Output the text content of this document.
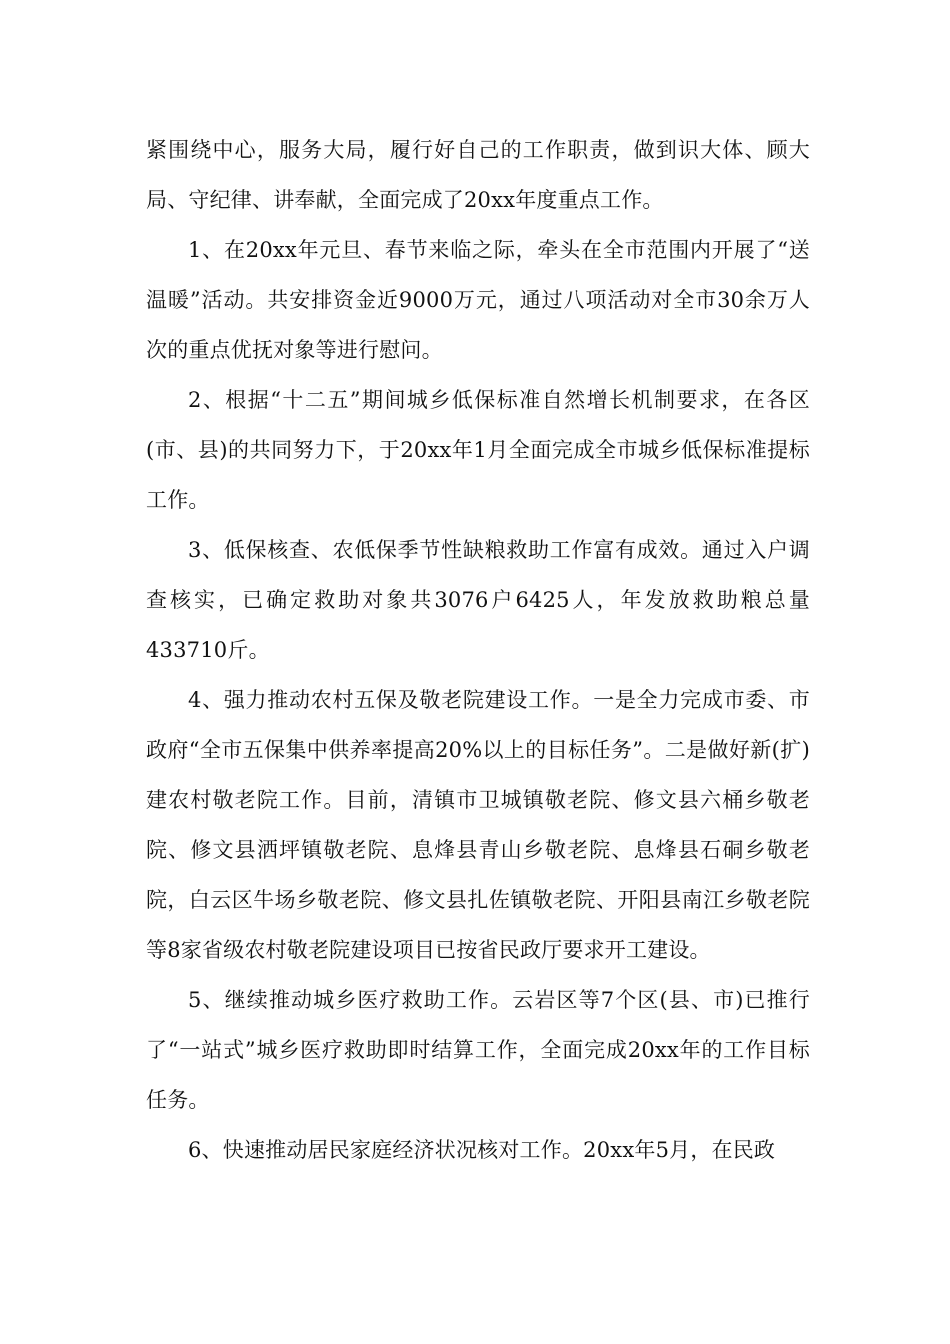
紧围绕中心，服务大局，履行好自己的工作职责，做到识大体、顾大局、守纪律、讲奉献，全面完成了20xx年度重点工作。

1、在20xx年元旦、春节来临之际，牵头在全市范围内开展了“送温暖”活动。共安排资金近9000万元，通过八项活动对全市30余万人次的重点优抚对象等进行慰问。

2、根据“十二五”期间城乡低保标准自然增长机制要求，在各区(市、县)的共同努力下，于20xx年1月全面完成全市城乡低保标准提标工作。

3、低保核查、农低保季节性缺粮救助工作富有成效。通过入户调查核实，已确定救助对象共3076户6425人，年发放救助粮总量433710斤。

4、强力推动农村五保及敬老院建设工作。一是全力完成市委、市政府“全市五保集中供养率提高20%以上的目标任务”。二是做好新(扩)建农村敬老院工作。目前，清镇市卫城镇敬老院、修文县六桶乡敬老院、修文县洒坪镇敬老院、息烽县青山乡敬老院、息烽县石硐乡敬老院，白云区牛场乡敬老院、修文县扎佐镇敬老院、开阳县南江乡敬老院等8家省级农村敬老院建设项目已按省民政厅要求开工建设。

5、继续推动城乡医疗救助工作。云岩区等7个区(县、市)已推行了“一站式”城乡医疗救助即时结算工作，全面完成20xx年的工作目标任务。

6、快速推动居民家庭经济状况核对工作。20xx年5月，在民政
